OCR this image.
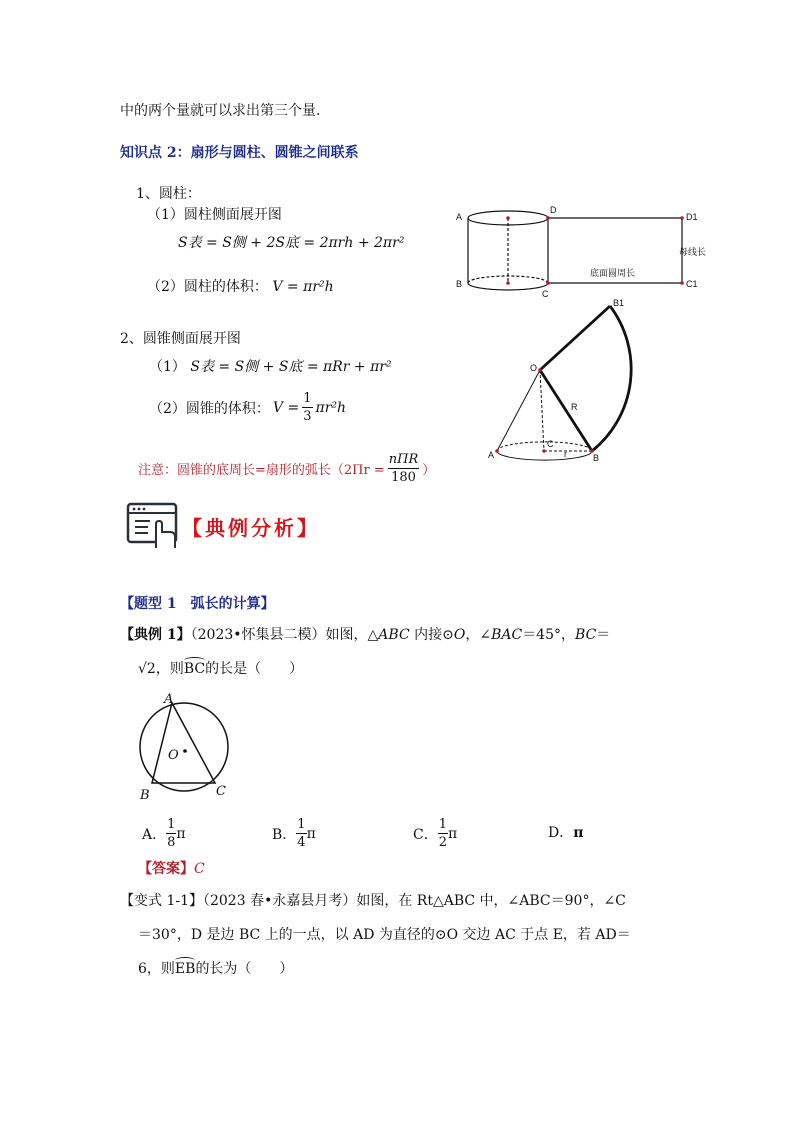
中的两个量就可以求出第三个量.
知识点 2：扇形与圆柱、圆锥之间联系
1、圆柱：
（1）圆柱侧面展开图
S表 = S侧 + 2S底 = 2πrh + 2πr²
（2）圆柱的体积： V = πr²h
2、圆锥侧面展开图
（1） S表 = S侧 + S底 = πRr + πr²
（2）圆锥的体积： $V = \frac{1}{3} \pi r^2h$
注意：圆锥的底周长=扇形的弧长（$2\Pi r = \frac{\text{nΠR}}{180}$ ）
A
B
D
C
D1
C1
母线长
底面圆周长
O
B1
R
C
A	B
r
【典例分析】
【题型 1　弧长的计算】
【典例 1】（2023•怀集县二模）如图，△ABC 内接⊙O，∠BAC＝45°，BC＝
√2，则BC的长是（　　）
A
B	C
O
A． $\frac{1}{8}$ π	B． $\frac{1}{4}$ π	C． $\frac{1}{2}$ π	D．π
【答案】C
【变式 1-1】（2023 春•永嘉县月考）如图，在 Rt△ABC 中，∠ABC＝90°，∠C
＝30°，D 是边 BC 上的一点，以 AD 为直径的⊙O 交边 AC 于点 E，若 AD＝
6，则EB的长为（　　）
